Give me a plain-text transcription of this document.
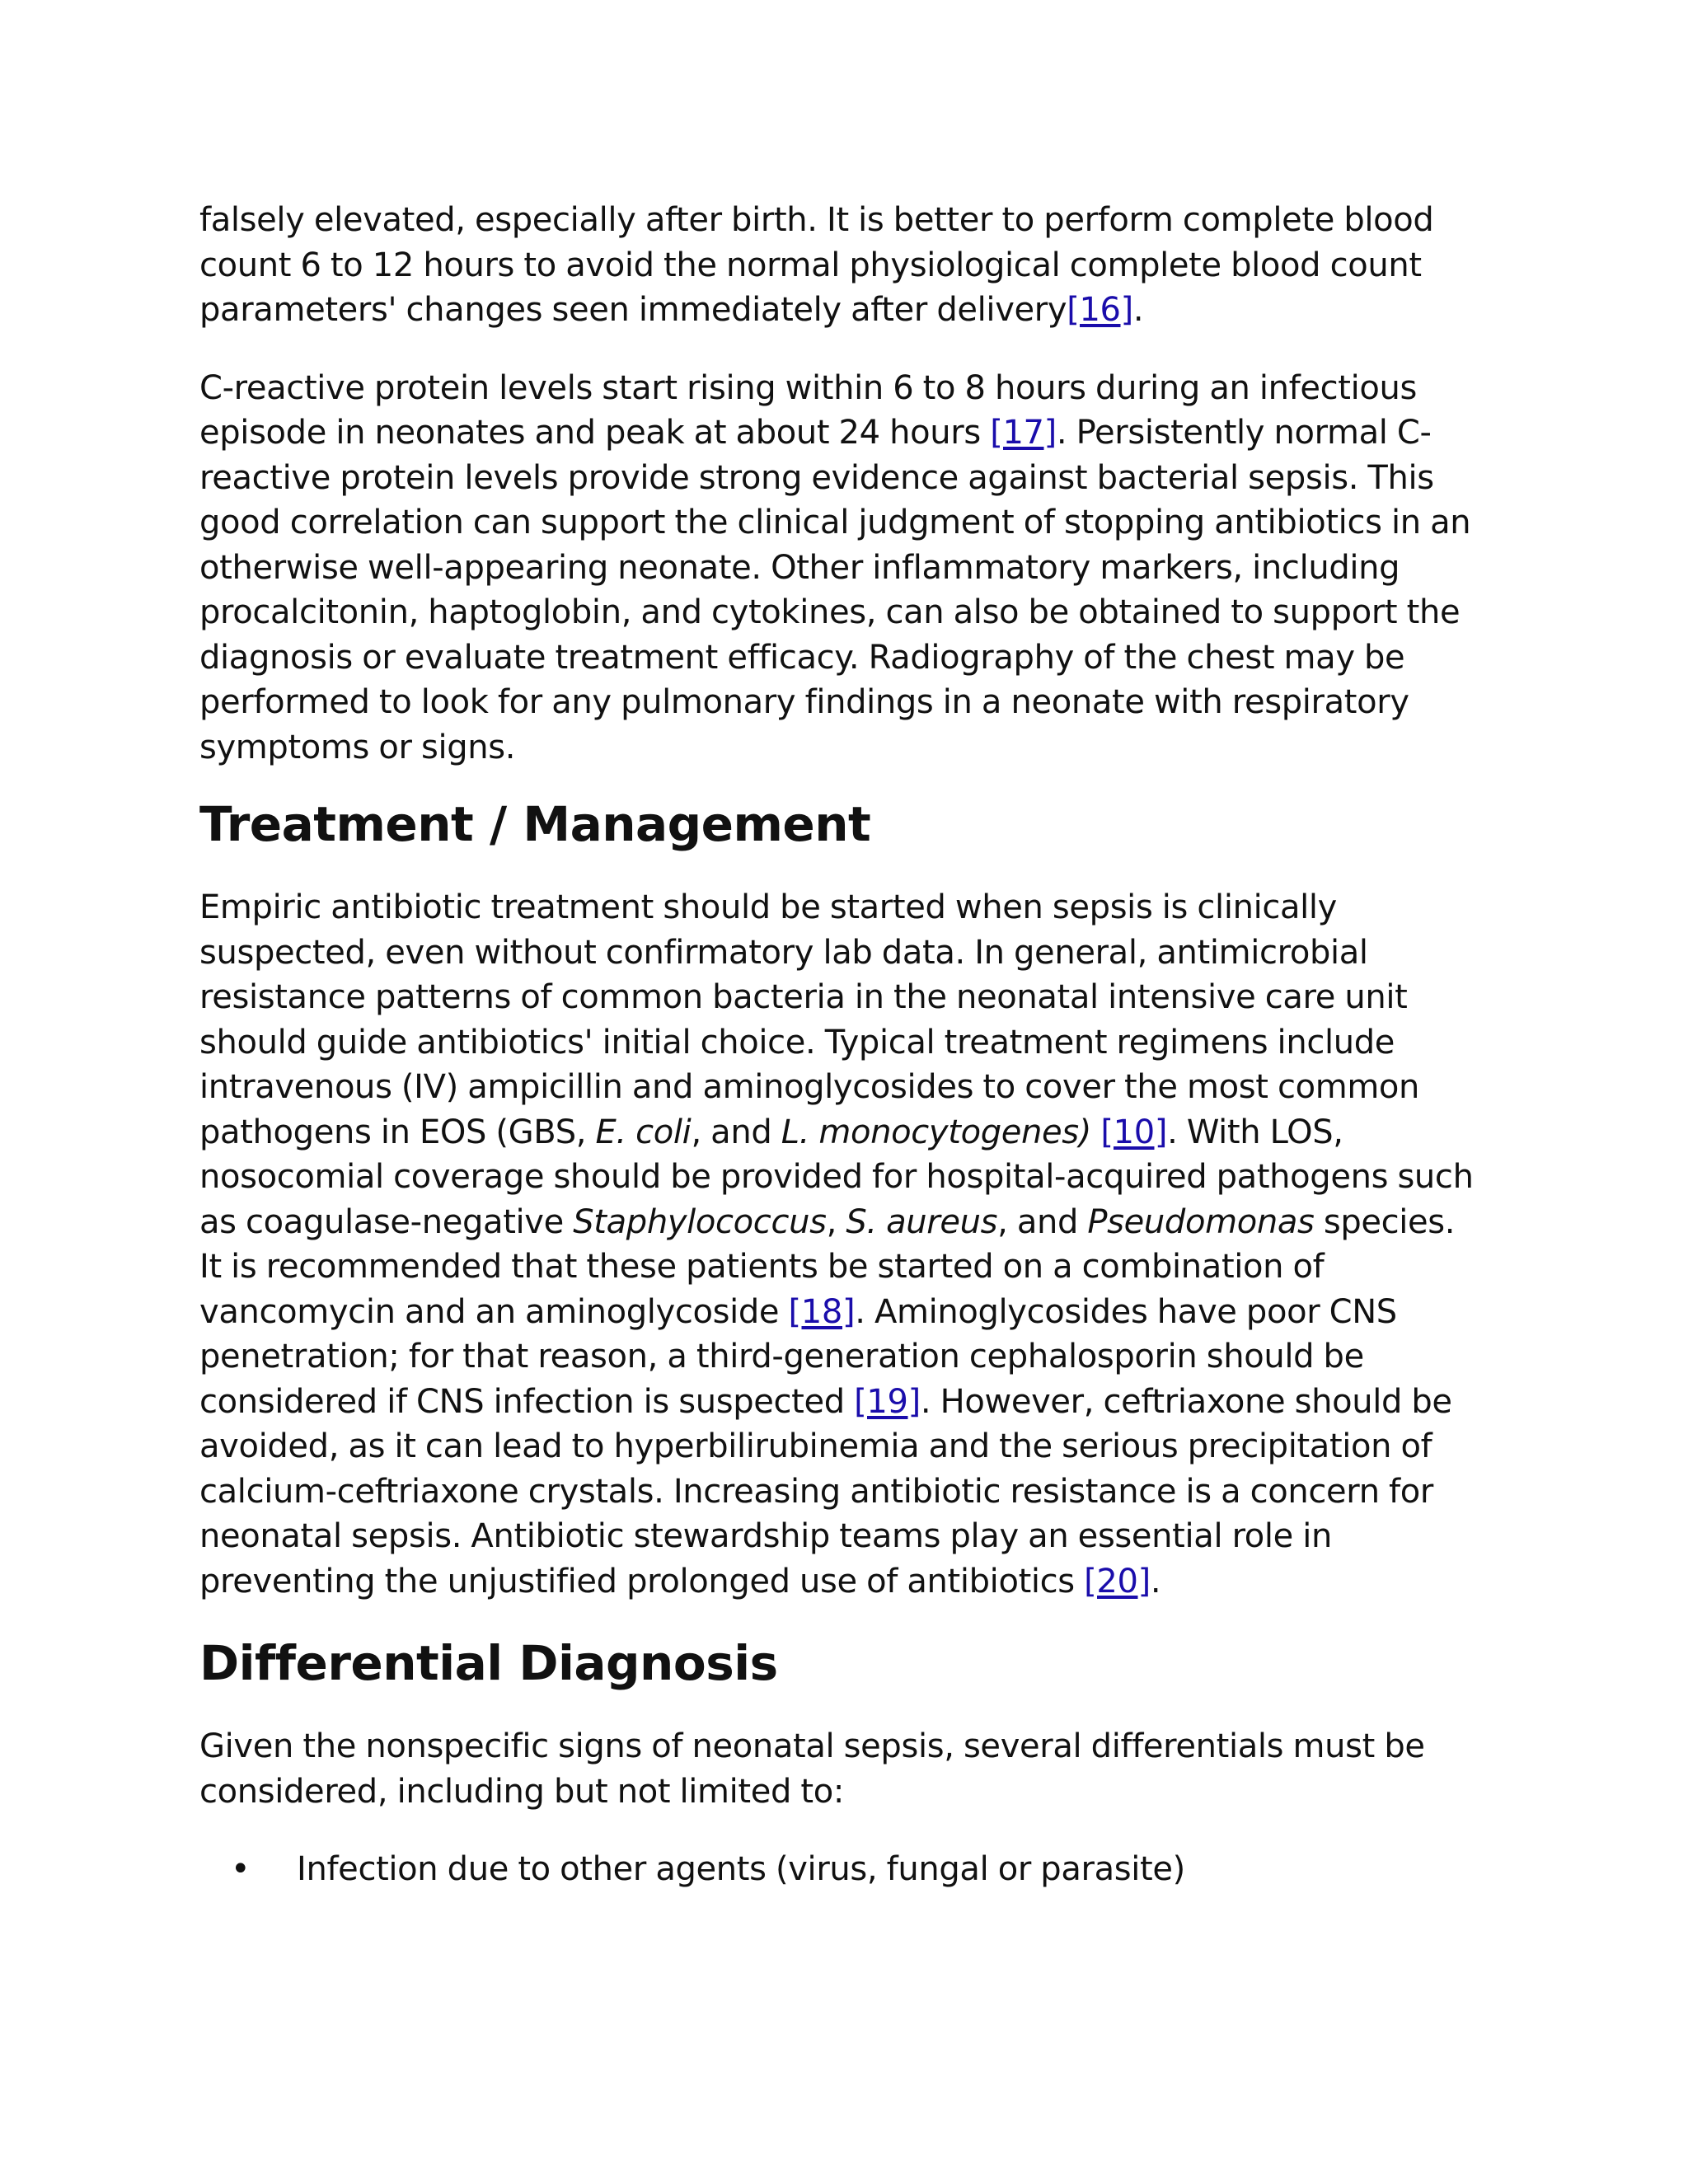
falsely elevated, especially after birth. It is better to perform complete blood count 6 to 12 hours to avoid the normal physiological complete blood count parameters' changes seen immediately after delivery[16].

C-reactive protein levels start rising within 6 to 8 hours during an infectious episode in neonates and peak at about 24 hours [17]. Persistently normal C-reactive protein levels provide strong evidence against bacterial sepsis. This good correlation can support the clinical judgment of stopping antibiotics in an otherwise well-appearing neonate. Other inflammatory markers, including procalcitonin, haptoglobin, and cytokines, can also be obtained to support the diagnosis or evaluate treatment efficacy. Radiography of the chest may be performed to look for any pulmonary findings in a neonate with respiratory symptoms or signs.

Treatment / Management

Empiric antibiotic treatment should be started when sepsis is clinically suspected, even without confirmatory lab data. In general, antimicrobial resistance patterns of common bacteria in the neonatal intensive care unit should guide antibiotics' initial choice. Typical treatment regimens include intravenous (IV) ampicillin and aminoglycosides to cover the most common pathogens in EOS (GBS, E. coli, and L. monocytogenes) [10]. With LOS, nosocomial coverage should be provided for hospital-acquired pathogens such as coagulase-negative Staphylococcus, S. aureus, and Pseudomonas species. It is recommended that these patients be started on a combination of vancomycin and an aminoglycoside [18]. Aminoglycosides have poor CNS penetration; for that reason, a third-generation cephalosporin should be considered if CNS infection is suspected [19]. However, ceftriaxone should be avoided, as it can lead to hyperbilirubinemia and the serious precipitation of calcium-ceftriaxone crystals. Increasing antibiotic resistance is a concern for neonatal sepsis. Antibiotic stewardship teams play an essential role in preventing the unjustified prolonged use of antibiotics [20].

Differential Diagnosis

Given the nonspecific signs of neonatal sepsis, several differentials must be considered, including but not limited to:

• Infection due to other agents (virus, fungal or parasite)
